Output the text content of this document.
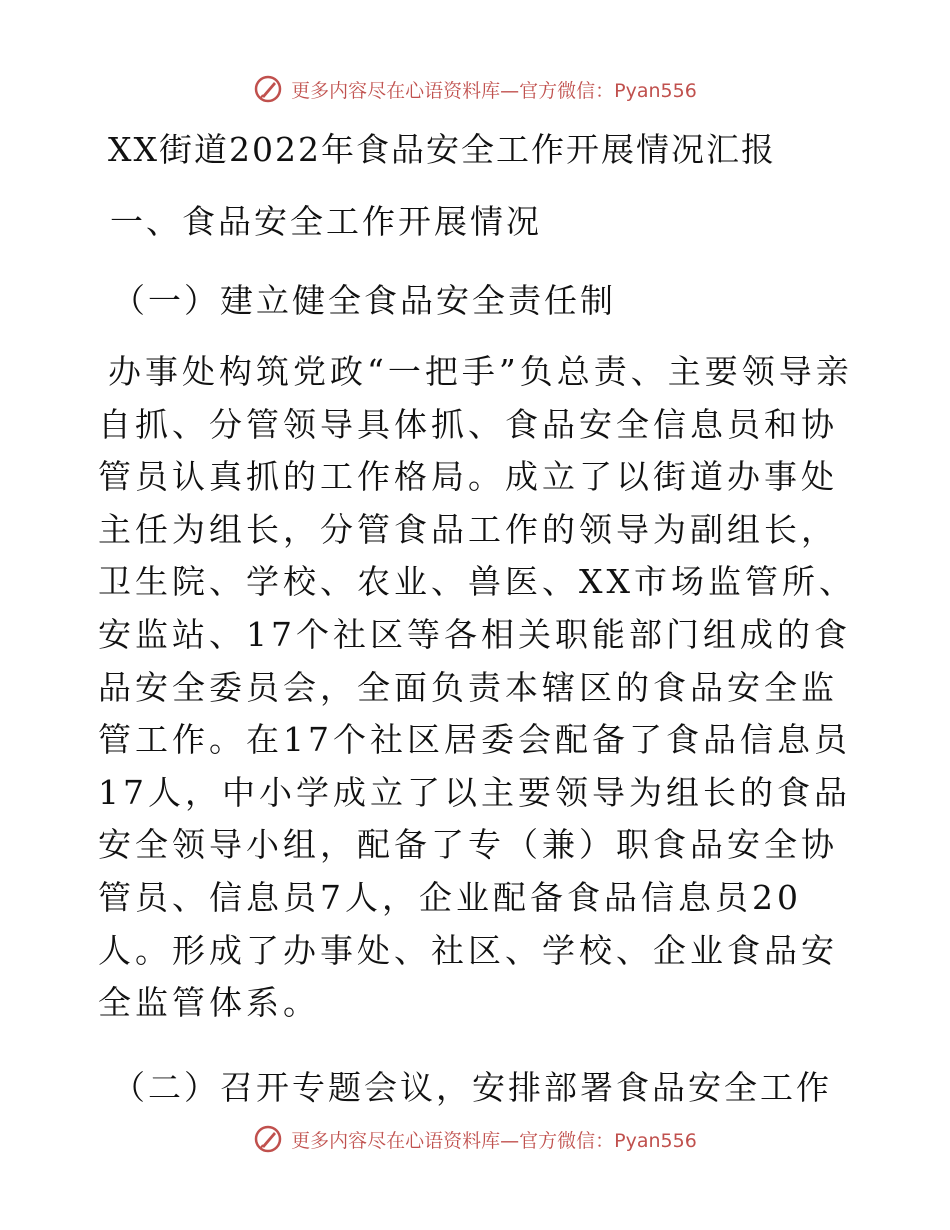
更多内容尽在心语资料库—官方微信：Pyan556
XX街道2022年食品安全工作开展情况汇报
一、食品安全工作开展情况
（一）建立健全食品安全责任制

办事处构筑党政“一把手”负总责、主要领导亲自抓、分管领导具体抓、食品安全信息员和协管员认真抓的工作格局。成立了以街道办事处主任为组长，分管食品工作的领导为副组长，卫生院、学校、农业、兽医、XX市场监管所、安监站、17个社区等各相关职能部门组成的食品安全委员会，全面负责本辖区的食品安全监管工作。在17个社区居委会配备了食品信息员17人，中小学成立了以主要领导为组长的食品安全领导小组，配备了专（兼）职食品安全协管员、信息员7人，企业配备食品信息员20人。形成了办事处、社区、学校、企业食品安全监管体系。

（二）召开专题会议，安排部署食品安全工作
更多内容尽在心语资料库—官方微信：Pyan556
